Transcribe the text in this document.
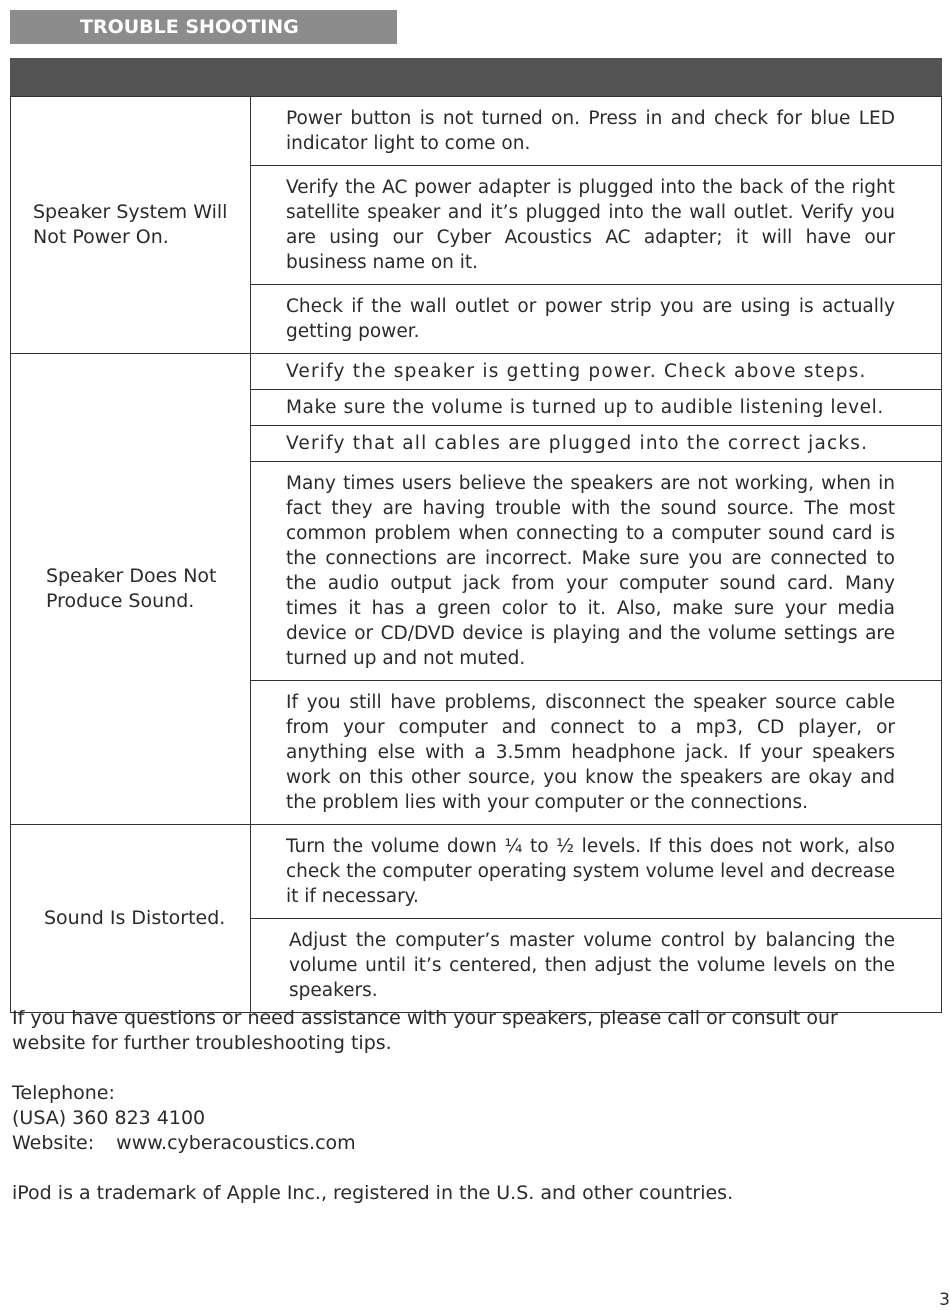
TROUBLE SHOOTING
Speaker System Will Not Power On.	Power button is not turned on. Press in and check for blue LED indicator light to come on.
	Verify the AC power adapter is plugged into the back of the right satellite speaker and it’s plugged into the wall outlet. Verify you are using our Cyber Acoustics AC adapter; it will have our business name on it.
	Check if the wall outlet or power strip you are using is actually getting power.
Speaker Does Not Produce Sound.	Verify the speaker is getting power. Check above steps.
	Make sure the volume is turned up to audible listening level.
	Verify that all cables are plugged into the correct jacks.
	Many times users believe the speakers are not working, when in fact they are having trouble with the sound source. The most common problem when connecting to a computer sound card is the connections are incorrect. Make sure you are connected to the audio output jack from your computer sound card. Many times it has a green color to it. Also, make sure your media device or CD/DVD device is playing and the volume settings are turned up and not muted.
	If you still have problems, disconnect the speaker source cable from your computer and connect to a mp3, CD player, or anything else with a 3.5mm headphone jack. If your speakers work on this other source, you know the speakers are okay and the problem lies with your computer or the connections.
Sound Is Distorted.	Turn the volume down ¼ to ½ levels. If this does not work, also check the computer operating system volume level and decrease it if necessary.
	Adjust the computer’s master volume control by balancing the volume until it’s centered, then adjust the volume levels on the speakers.

If you have questions or need assistance with your speakers, please call or consult our website for further troubleshooting tips.

Telephone:

(USA) 360 823 4100

Website: www.cyberacoustics.com

iPod is a trademark of Apple Inc., registered in the U.S. and other countries.

3
